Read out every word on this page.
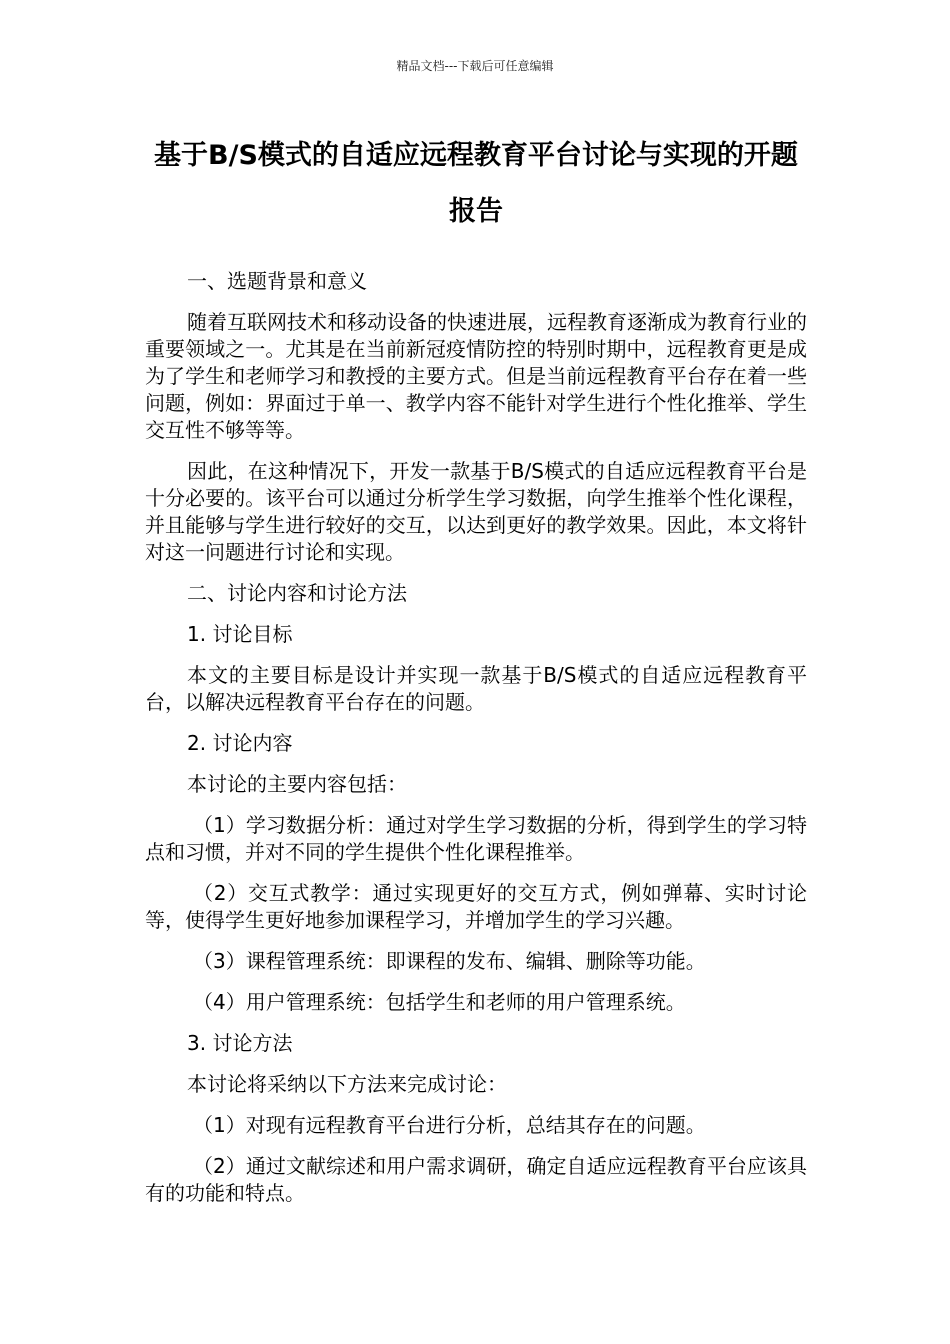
精品文档---下载后可任意编辑
基于B/S模式的自适应远程教育平台讨论与实现的开题报告

一、选题背景和意义

随着互联网技术和移动设备的快速进展，远程教育逐渐成为教育行业的重要领域之一。尤其是在当前新冠疫情防控的特别时期中，远程教育更是成为了学生和老师学习和教授的主要方式。但是当前远程教育平台存在着一些问题，例如：界面过于单一、教学内容不能针对学生进行个性化推举、学生交互性不够等等。

因此，在这种情况下，开发一款基于B/S模式的自适应远程教育平台是十分必要的。该平台可以通过分析学生学习数据，向学生推举个性化课程，并且能够与学生进行较好的交互，以达到更好的教学效果。因此，本文将针对这一问题进行讨论和实现。

二、讨论内容和讨论方法

1. 讨论目标

本文的主要目标是设计并实现一款基于B/S模式的自适应远程教育平台，以解决远程教育平台存在的问题。

2. 讨论内容

本讨论的主要内容包括：

（1）学习数据分析：通过对学生学习数据的分析，得到学生的学习特点和习惯，并对不同的学生提供个性化课程推举。

（2）交互式教学：通过实现更好的交互方式，例如弹幕、实时讨论等，使得学生更好地参加课程学习，并增加学生的学习兴趣。

（3）课程管理系统：即课程的发布、编辑、删除等功能。

（4）用户管理系统：包括学生和老师的用户管理系统。

3. 讨论方法

本讨论将采纳以下方法来完成讨论：

（1）对现有远程教育平台进行分析，总结其存在的问题。

（2）通过文献综述和用户需求调研，确定自适应远程教育平台应该具有的功能和特点。
